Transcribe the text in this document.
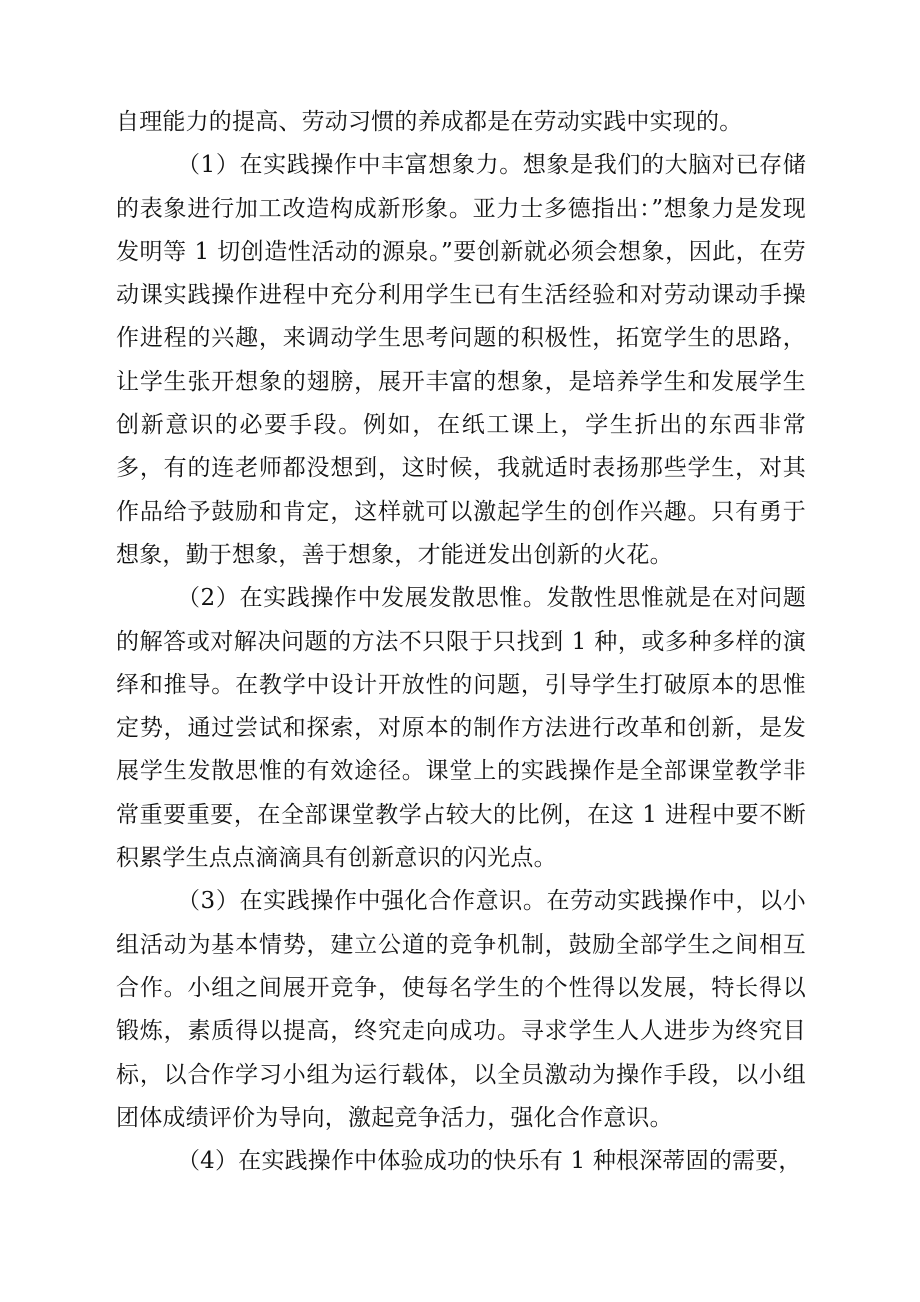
自理能力的提高、劳动习惯的养成都是在劳动实践中实现的。

（1）在实践操作中丰富想象力。想象是我们的大脑对已存储的表象进行加工改造构成新形象。亚力士多德指出：”想象力是发现发明等 1 切创造性活动的源泉。”要创新就必须会想象，因此，在劳动课实践操作进程中充分利用学生已有生活经验和对劳动课动手操作进程的兴趣，来调动学生思考问题的积极性，拓宽学生的思路，让学生张开想象的翅膀，展开丰富的想象，是培养学生和发展学生创新意识的必要手段。例如，在纸工课上，学生折出的东西非常多，有的连老师都没想到，这时候，我就适时表扬那些学生，对其作品给予鼓励和肯定，这样就可以激起学生的创作兴趣。只有勇于想象，勤于想象，善于想象，才能迸发出创新的火花。

（2）在实践操作中发展发散思惟。发散性思惟就是在对问题的解答或对解决问题的方法不只限于只找到 1 种，或多种多样的演绎和推导。在教学中设计开放性的问题，引导学生打破原本的思惟定势，通过尝试和探索，对原本的制作方法进行改革和创新，是发展学生发散思惟的有效途径。课堂上的实践操作是全部课堂教学非常重要重要，在全部课堂教学占较大的比例，在这 1 进程中要不断积累学生点点滴滴具有创新意识的闪光点。

（3）在实践操作中强化合作意识。在劳动实践操作中，以小组活动为基本情势，建立公道的竞争机制，鼓励全部学生之间相互合作。小组之间展开竞争，使每名学生的个性得以发展，特长得以锻炼，素质得以提高，终究走向成功。寻求学生人人进步为终究目标，以合作学习小组为运行载体，以全员激动为操作手段，以小组团体成绩评价为导向，激起竞争活力，强化合作意识。

（4）在实践操作中体验成功的快乐有 1 种根深蒂固的需要，
